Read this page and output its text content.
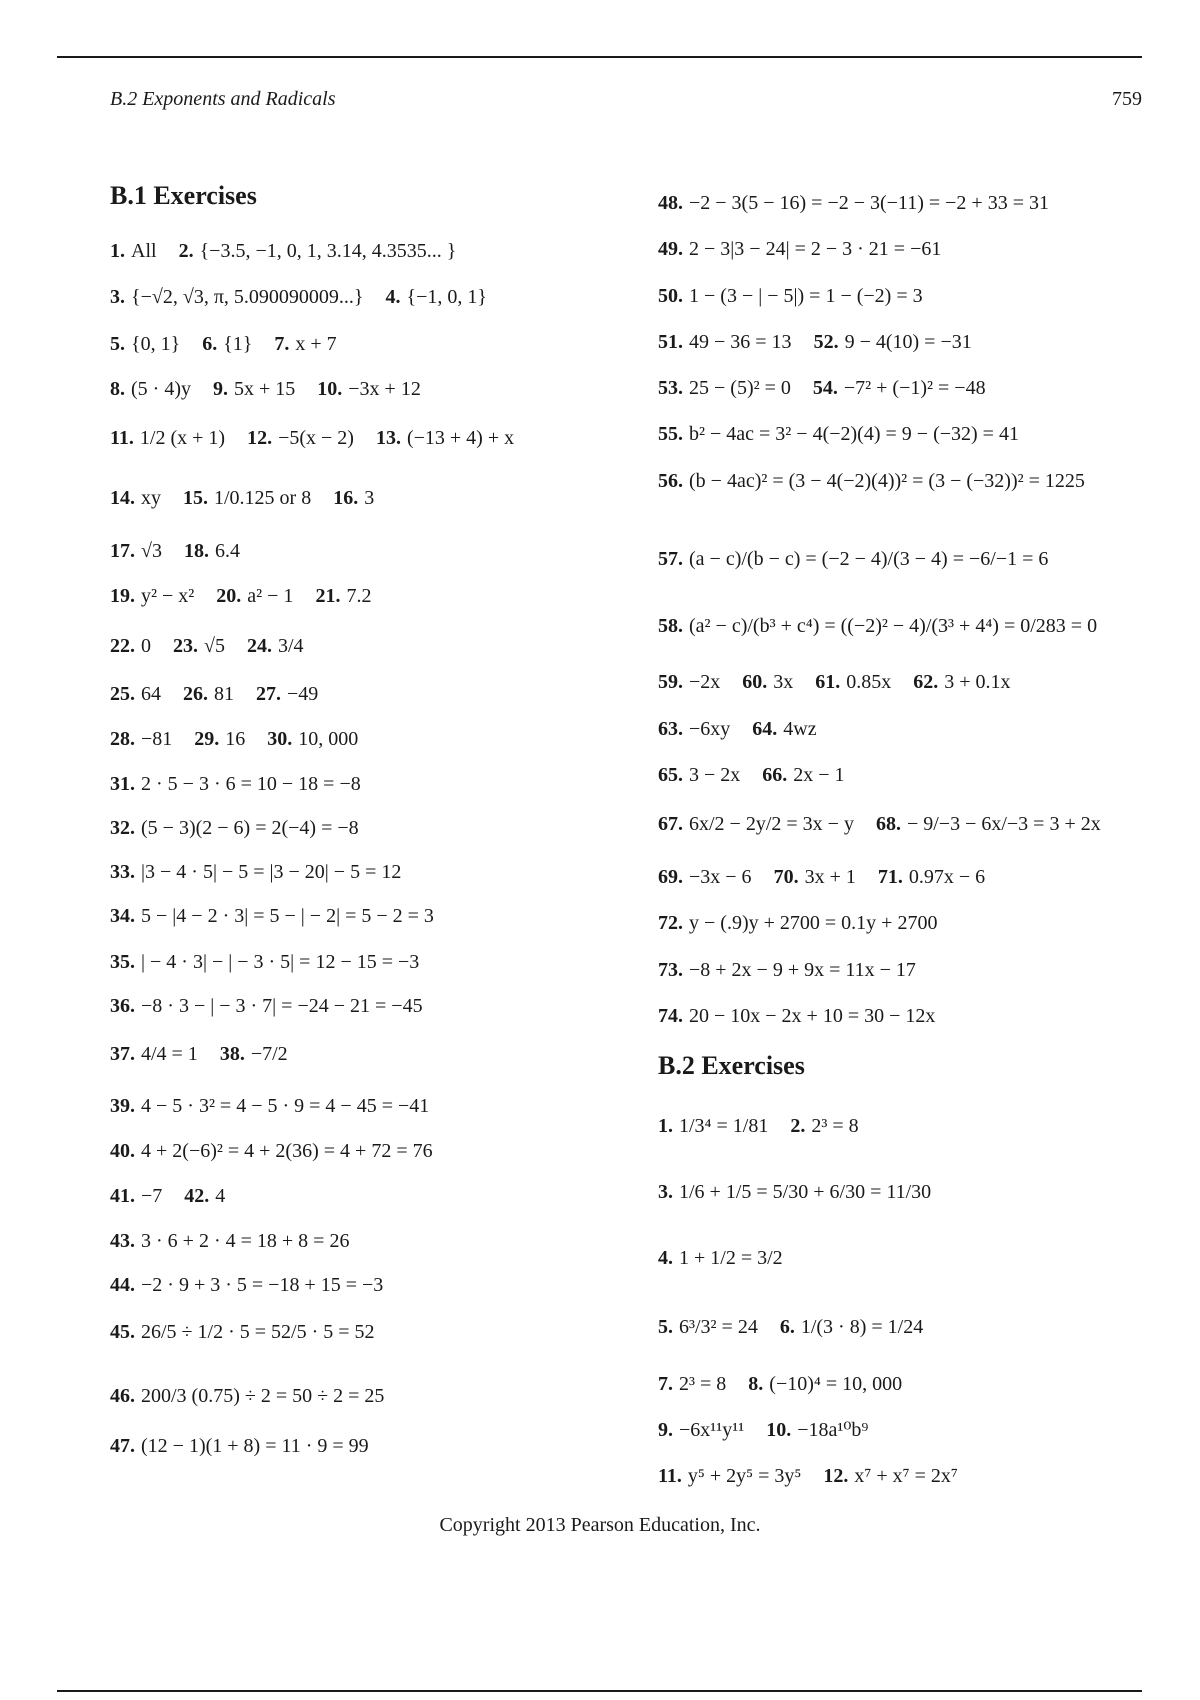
B.2 Exponents and Radicals	759
B.1 Exercises
1. All 2. {−3.5, −1, 0, 1, 3.14, 4.3535... }
3. {−√2, √3, π, 5.090090009...} 4. {−1, 0, 1}
5. {0, 1} 6. {1} 7. x + 7
8. (5 · 4)y 9. 5x + 15 10. −3x + 12
11. 1/2 (x + 1) 12. −5(x − 2) 13. (−13 + 4) + x
14. xy 15. 1/0.125 or 8 16. 3
17. √3 18. 6.4
19. y² − x² 20. a² − 1 21. 7.2
22. 0 23. √5 24. 3/4
25. 64 26. 81 27. −49
28. −81 29. 16 30. 10, 000
31. 2 · 5 − 3 · 6 = 10 − 18 = −8
32. (5 − 3)(2 − 6) = 2(−4) = −8
33. |3 − 4 · 5| − 5 = |3 − 20| − 5 = 12
34. 5 − |4 − 2 · 3| = 5 − | − 2| = 5 − 2 = 3
35. | − 4 · 3| − | − 3 · 5| = 12 − 15 = −3
36. −8 · 3 − | − 3 · 7| = −24 − 21 = −45
37. 4/4 = 1 38. −7/2
39. 4 − 5 · 3² = 4 − 5 · 9 = 4 − 45 = −41
40. 4 + 2(−6)² = 4 + 2(36) = 4 + 72 = 76
41. −7 42. 4
43. 3 · 6 + 2 · 4 = 18 + 8 = 26
44. −2 · 9 + 3 · 5 = −18 + 15 = −3
45. 26/5 ÷ 1/2 · 5 = 52/5 · 5 = 52
46. 200/3 (0.75) ÷ 2 = 50 ÷ 2 = 25
47. (12 − 1)(1 + 8) = 11 · 9 = 99
48. −2 − 3(5 − 16) = −2 − 3(−11) = −2 + 33 = 31
49. 2 − 3|3 − 24| = 2 − 3 · 21 = −61
50. 1 − (3 − | − 5|) = 1 − (−2) = 3
51. 49 − 36 = 13 52. 9 − 4(10) = −31
53. 25 − (5)² = 0 54. −7² + (−1)² = −48
55. b² − 4ac = 3² − 4(−2)(4) = 9 − (−32) = 41
56. (b − 4ac)² = (3 − 4(−2)(4))² = (3 − (−32))² = 1225
57. (a − c)/(b − c) = (−2 − 4)/(3 − 4) = −6/−1 = 6
58. (a² − c)/(b³ + c⁴) = ((−2)² − 4)/(3³ + 4⁴) = 0/283 = 0
59. −2x 60. 3x 61. 0.85x 62. 3 + 0.1x
63. −6xy 64. 4wz
65. 3 − 2x 66. 2x − 1
67. 6x/2 − 2y/2 = 3x − y 68. − 9/−3 − 6x/−3 = 3 + 2x
69. −3x − 6 70. 3x + 1 71. 0.97x − 6
72. y − (.9)y + 2700 = 0.1y + 2700
73. −8 + 2x − 9 + 9x = 11x − 17
74. 20 − 10x − 2x + 10 = 30 − 12x
B.2 Exercises
1. 1/3⁴ = 1/81 2. 2³ = 8
3. 1/6 + 1/5 = 5/30 + 6/30 = 11/30
4. 1 + 1/2 = 3/2
5. 6³/3² = 24 6. 1/(3 · 8) = 1/24
7. 2³ = 8 8. (−10)⁴ = 10, 000
9. −6x¹¹y¹¹ 10. −18a¹⁰b⁹
11. y⁵ + 2y⁵ = 3y⁵ 12. x⁷ + x⁷ = 2x⁷
Copyright 2013 Pearson Education, Inc.
